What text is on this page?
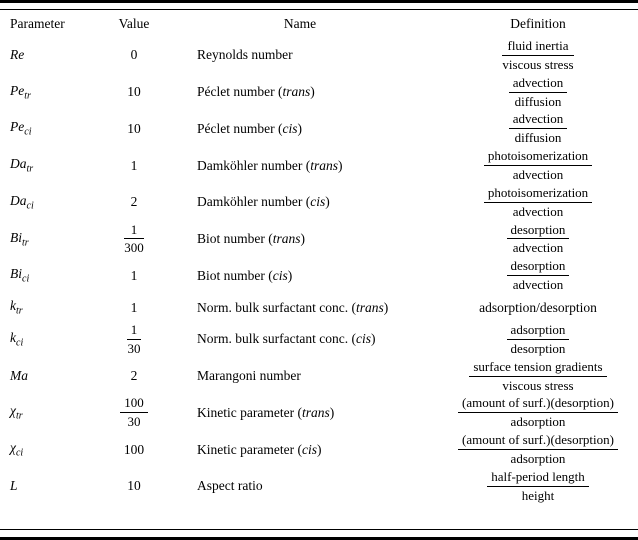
Parameter	Value	Name	Definition
Re	0	Reynolds number	$\frac{\text{fluid inertia}}{\text{viscous stress}}$
$Pe_{tr}$	10	Péclet number (trans)	$\frac{\text{advection}}{\text{diffusion}}$
$Pe_{ci}$	10	Péclet number (cis)	$\frac{\text{advection}}{\text{diffusion}}$
$Da_{tr}$	1	Damköhler number (trans)	$\frac{\text{photoisomerization}}{\text{advection}}$
$Da_{ci}$	2	Damköhler number (cis)	$\frac{\text{photoisomerization}}{\text{advection}}$
$Bi_{tr}$	$\frac{1}{300}$	Biot number (trans)	$\frac{\text{desorption}}{\text{advection}}$
$Bi_{ci}$	1	Biot number (cis)	$\frac{\text{desorption}}{\text{advection}}$
$k_{tr}$	1	Norm. bulk surfactant conc. (trans)	adsorption/desorption
$k_{ci}$	$\frac{1}{30}$	Norm. bulk surfactant conc. (cis)	$\frac{\text{adsorption}}{\text{desorption}}$
Ma	2	Marangoni number	$\frac{\text{surface tension gradients}}{\text{viscous stress}}$
$\chi_{tr}$	$\frac{100}{30}$	Kinetic parameter (trans)	$\frac{\text{(amount of surf.)(desorption)}}{\text{adsorption}}$
$\chi_{ci}$	100	Kinetic parameter (cis)	$\frac{\text{(amount of surf.)(desorption)}}{\text{adsorption}}$
L	10	Aspect ratio	$\frac{\text{half-period length}}{\text{height}}$
